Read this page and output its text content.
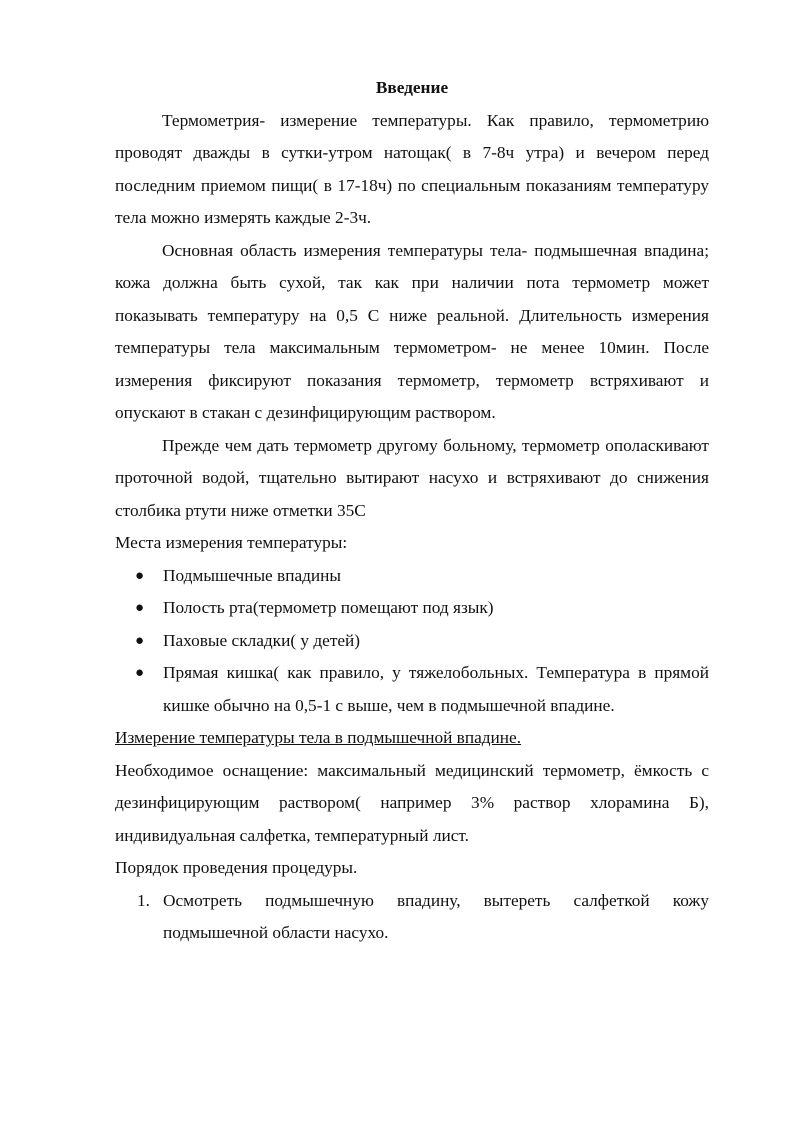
Введение

Термометрия- измерение температуры. Как правило, термометрию проводят дважды в сутки-утром натощак( в 7-8ч утра) и вечером перед последним приемом пищи( в 17-18ч) по специальным показаниям температуру тела можно измерять каждые 2-3ч.

Основная область измерения температуры тела- подмышечная впадина; кожа должна быть сухой, так как при наличии пота термометр может показывать температуру на 0,5 С ниже реальной. Длительность измерения температуры тела максимальным термометром- не менее 10мин. После измерения фиксируют показания термометр, термометр встряхивают и опускают в стакан с дезинфицирующим раствором.

Прежде чем дать термометр другому больному, термометр ополаскивают проточной водой, тщательно вытирают насухо и встряхивают до снижения столбика ртути ниже отметки 35С

Места измерения температуры:

● Подмышечные впадины
● Полость рта(термометр помещают под язык)
● Паховые складки( у детей)
● Прямая кишка( как правило, у тяжелобольных. Температура в прямой кишке обычно на 0,5-1 с выше, чем в подмышечной впадине.

Измерение температуры тела в подмышечной впадине.

Необходимое оснащение: максимальный медицинский термометр, ёмкость с дезинфицирующим раствором( например 3% раствор хлорамина Б), индивидуальная салфетка, температурный лист.

Порядок проведения процедуры.

1. Осмотреть подмышечную впадину, вытереть салфеткой кожу подмышечной области насухо.
